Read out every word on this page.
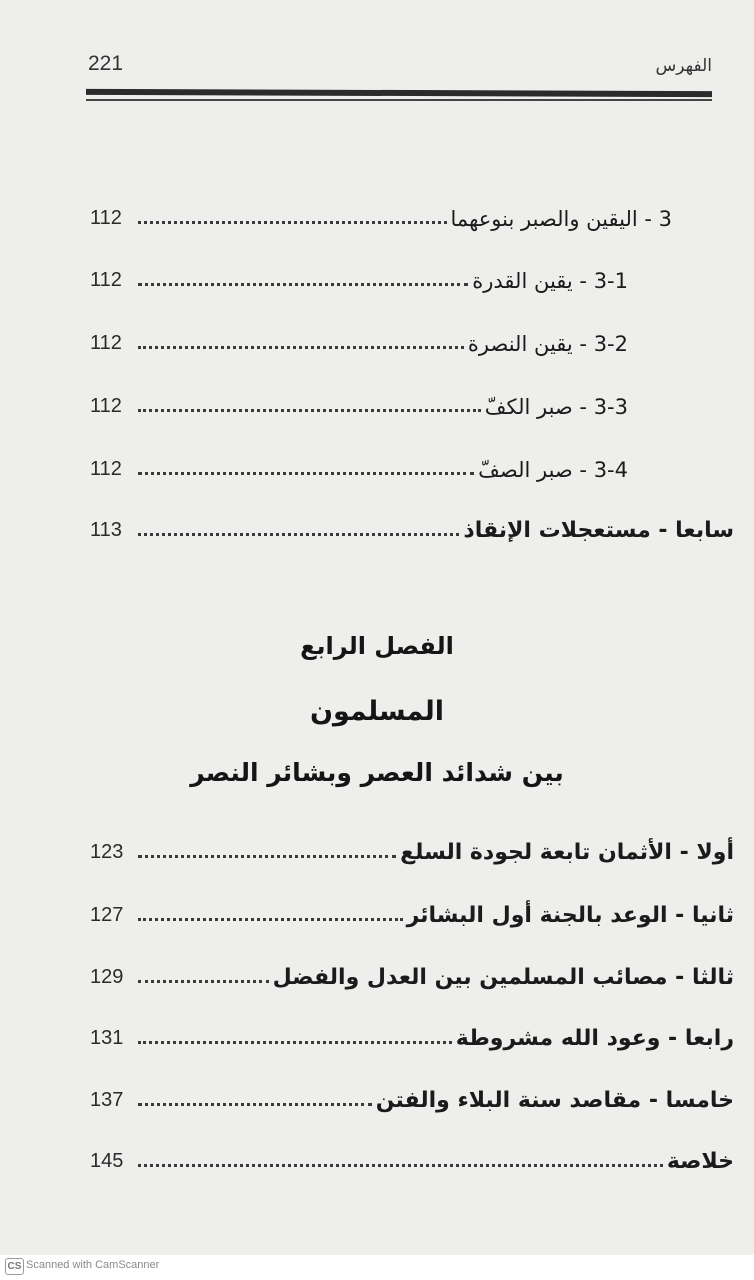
221	الفهرس
112	3 - اليقين والصبر بنوعهما
112	3-1 - يقين القدرة
112	3-2 - يقين النصرة
112	3-3 - صبر الكفّ
112	3-4 - صبر الصفّ
113	سابعا - مستعجلات الإنقاذ
الفصل الرابع
المسلمون
بين شدائد العصر وبشائر النصر
123	أولا - الأثمان تابعة لجودة السلع
127	ثانيا - الوعد بالجنة أول البشائر
129	ثالثا - مصائب المسلمين بين العدل والفضل
131	رابعا - وعود الله مشروطة
137	خامسا - مقاصد سنة البلاء والفتن
145	خلاصة
CS Scanned with CamScanner
